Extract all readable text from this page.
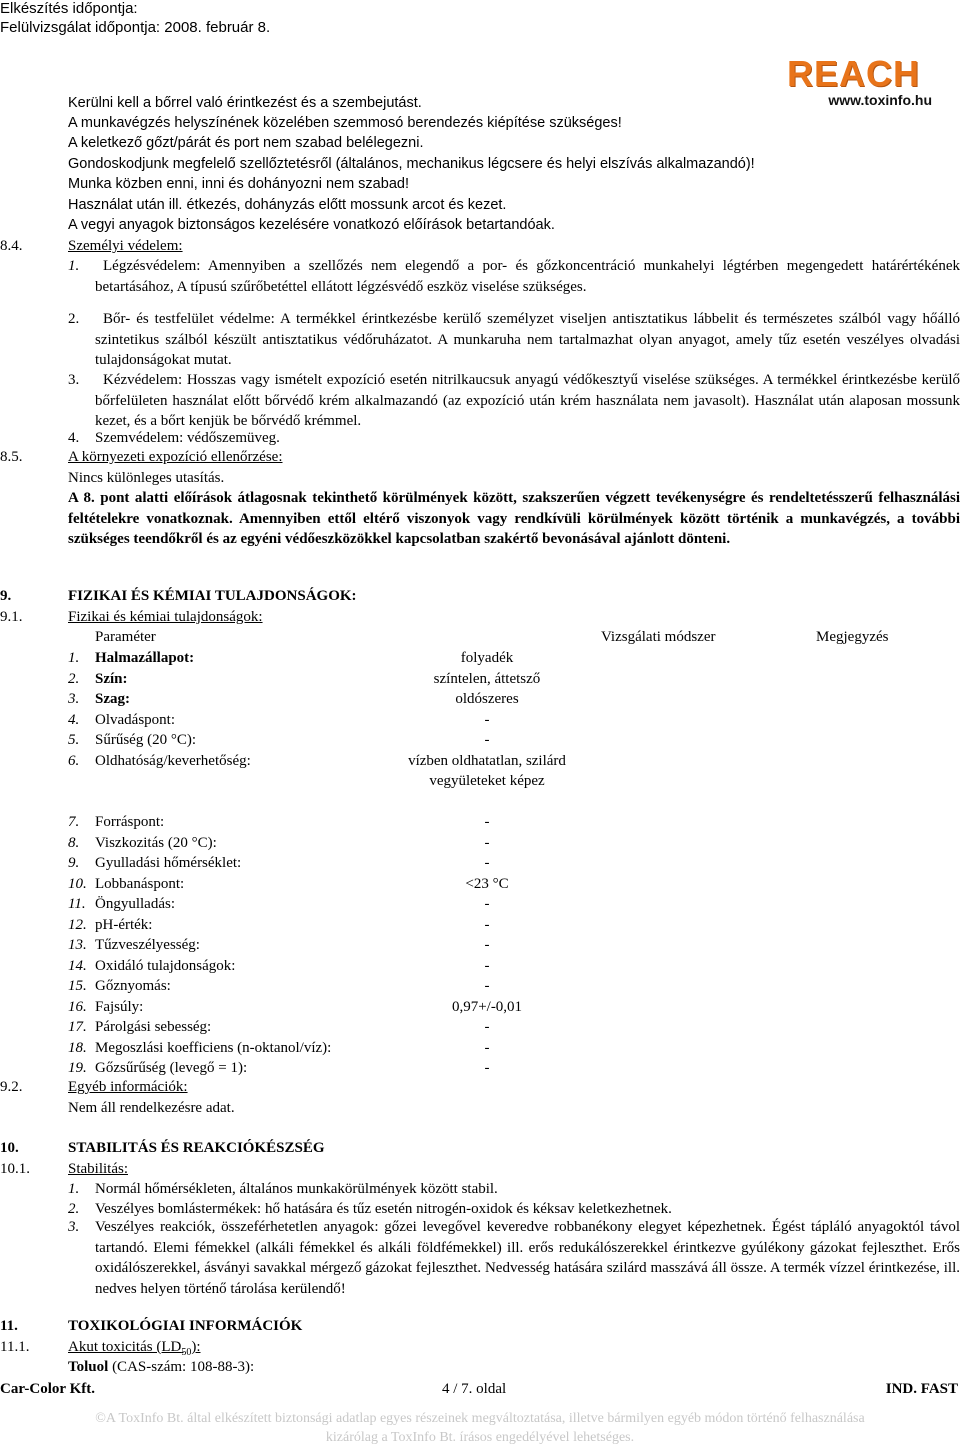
Elkészítés időpontja:
Felülvizsgálat időpontja: 2008. február 8.
REACH
www.toxinfo.hu
Kerülni kell a bőrrel való érintkezést és a szembejutást.
A munkavégzés helyszínének közelében szemmosó berendezés kiépítése szükséges!
A keletkező gőzt/párát és port nem szabad belélegezni.
Gondoskodjunk megfelelő szellőztetésről (általános, mechanikus légcsere és helyi elszívás alkalmazandó)!
Munka közben enni, inni és dohányozni nem szabad!
Használat után ill. étkezés, dohányzás előtt mossunk arcot és kezet.
A vegyi anyagok biztonságos kezelésére vonatkozó előírások betartandóak.
8.4.	Személyi védelem:
1.	Légzésvédelem: Amennyiben a szellőzés nem elegendő a por- és gőzkoncentráció munkahelyi légtérben megengedett határértékének betartásához, A típusú szűrőbetéttel ellátott légzésvédő eszköz viselése szükséges.
2.	Bőr- és testfelület védelme: A termékkel érintkezésbe kerülő személyzet viseljen antisztatikus lábbelit és természetes szálból vagy hőálló szintetikus szálból készült antisztatikus védőruházatot. A munkaruha nem tartalmazhat olyan anyagot, amely tűz esetén veszélyes olvadási tulajdonságokat mutat.
3.	Kézvédelem: Hosszas vagy ismételt expozíció esetén nitrilkaucsuk anyagú védőkesztyű viselése szükséges. A termékkel érintkezésbe kerülő bőrfelületen használat előtt bőrvédő krém alkalmazandó (az expozíció után krém használata nem javasolt). Használat után alaposan mossunk kezet, és a bőrt kenjük be bőrvédő krémmel.
4. Szemvédelem: védőszemüveg.
8.5.	A környezeti expozíció ellenőrzése:
Nincs különleges utasítás.
A 8. pont alatti előírások átlagosnak tekinthető körülmények között, szakszerűen végzett tevékenységre és rendeltetésszerű felhasználási feltételekre vonatkoznak. Amennyiben ettől eltérő viszonyok vagy rendkívüli körülmények között történik a munkavégzés, a további szükséges teendőkről és az egyéni védőeszközökkel kapcsolatban szakértő bevonásával ajánlott dönteni.
9.	FIZIKAI ÉS KÉMIAI TULAJDONSÁGOK:
9.1.	Fizikai és kémiai tulajdonságok:
Paraméter	Vizsgálati módszer	Megjegyzés
1. Halmazállapot:	folyadék
2. Szín:	színtelen, áttetsző
3. Szag:	oldószeres
4. Olvadáspont:	-
5. Sűrűség (20 °C):	-
6. Oldhatóság/keverhetőség:	vízben oldhatatlan, szilárd vegyületeket képez
7. Forráspont:	-
8. Viszkozitás (20 °C):	-
9. Gyulladási hőmérséklet:	-
10. Lobbanáspont:	<23 °C
11. Öngyulladás:	-
12. pH-érték:	-
13. Tűzveszélyesség:	-
14. Oxidáló tulajdonságok:	-
15. Gőznyomás:	-
16. Fajsúly:	0,97+/-0,01
17. Párolgási sebesség:	-
18. Megoszlási koefficiens (n-oktanol/víz):	-
19. Gőzsűrűség (levegő = 1):	-
9.2.	Egyéb információk:
Nem áll rendelkezésre adat.
10.	STABILITÁS ÉS REAKCIÓKÉSZSÉG
10.1.	Stabilitás:
1. Normál hőmérsékleten, általános munkakörülmények között stabil.
2. Veszélyes bomlástermékek: hő hatására és tűz esetén nitrogén-oxidok és kéksav keletkezhetnek.
3. Veszélyes reakciók, összeférhetetlen anyagok: gőzei levegővel keveredve robbanékony elegyet képezhetnek. Égést tápláló anyagoktól távol tartandó. Elemi fémekkel (alkáli fémekkel és alkáli földfémekkel) ill. erős redukálószerekkel érintkezve gyúlékony gázokat fejleszthet. Erős oxidálószerekkel, ásványi savakkal mérgező gázokat fejleszthet. Nedvesség hatására szilárd masszává áll össze. A termék vízzel érintkezése, ill. nedves helyen történő tárolása kerülendő!
11.	TOXIKOLÓGIAI INFORMÁCIÓK
11.1.	Akut toxicitás $(LD_{50})$:
Toluol (CAS-szám: 108-88-3):
Car-Color Kft.	4 / 7. oldal	IND. FAST
©A ToxInfo Bt. által elkészített biztonsági adatlap egyes részeinek megváltoztatása, illetve bármilyen egyéb módon történő felhasználása
kizárólag a ToxInfo Bt. írásos engedélyével lehetséges.
